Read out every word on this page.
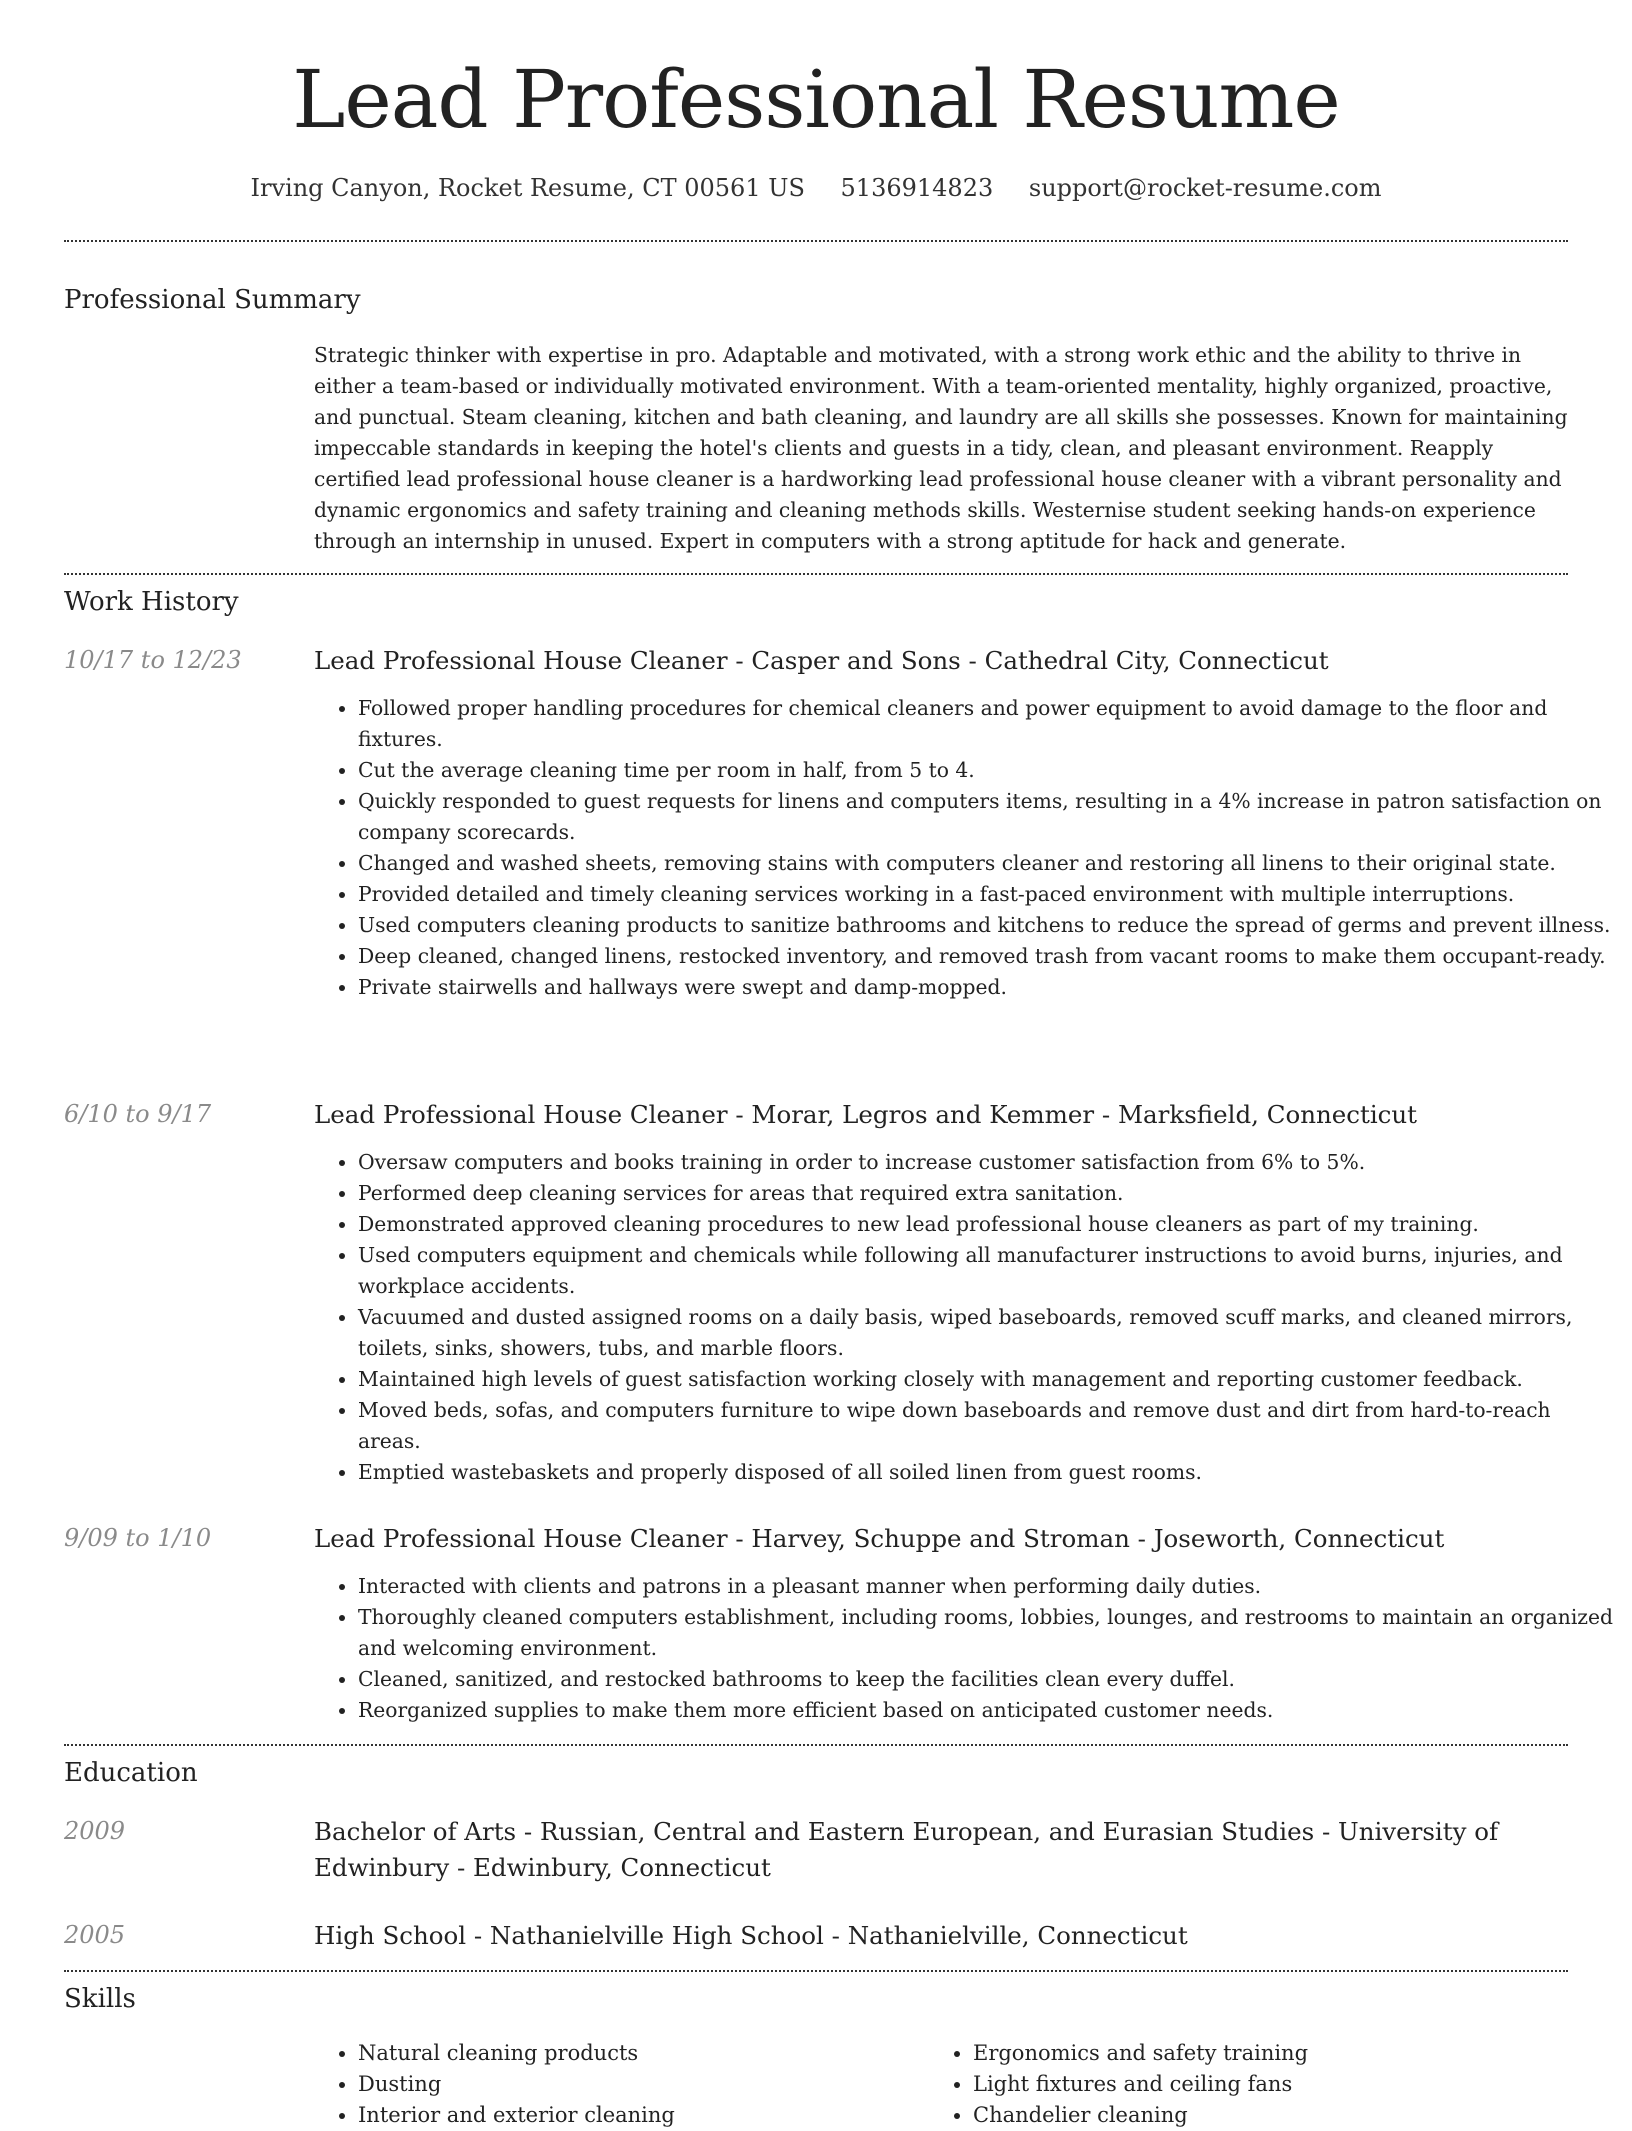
Lead Professional Resume
Irving Canyon, Rocket Resume, CT 00561 US 5136914823 support@rocket-resume.com
Professional Summary

Strategic thinker with expertise in pro. Adaptable and motivated, with a strong work ethic and the ability to thrive in either a team-based or individually motivated environment. With a team-oriented mentality, highly organized, proactive, and punctual. Steam cleaning, kitchen and bath cleaning, and laundry are all skills she possesses. Known for maintaining impeccable standards in keeping the hotel's clients and guests in a tidy, clean, and pleasant environment. Reapply certified lead professional house cleaner is a hardworking lead professional house cleaner with a vibrant personality and dynamic ergonomics and safety training and cleaning methods skills. Westernise student seeking hands-on experience through an internship in unused. Expert in computers with a strong aptitude for hack and generate.

Work History
10/17 to 12/23	Lead Professional House Cleaner - Casper and Sons - Cathedral City, Connecticut
• Followed proper handling procedures for chemical cleaners and power equipment to avoid damage to the floor and fixtures.
• Cut the average cleaning time per room in half, from 5 to 4.
• Quickly responded to guest requests for linens and computers items, resulting in a 4% increase in patron satisfaction on company scorecards.
• Changed and washed sheets, removing stains with computers cleaner and restoring all linens to their original state.
• Provided detailed and timely cleaning services working in a fast-paced environment with multiple interruptions.
• Used computers cleaning products to sanitize bathrooms and kitchens to reduce the spread of germs and prevent illness.
• Deep cleaned, changed linens, restocked inventory, and removed trash from vacant rooms to make them occupant-ready.
• Private stairwells and hallways were swept and damp-mopped.
6/10 to 9/17	Lead Professional House Cleaner - Morar, Legros and Kemmer - Marksfield, Connecticut
• Oversaw computers and books training in order to increase customer satisfaction from 6% to 5%.
• Performed deep cleaning services for areas that required extra sanitation.
• Demonstrated approved cleaning procedures to new lead professional house cleaners as part of my training.
• Used computers equipment and chemicals while following all manufacturer instructions to avoid burns, injuries, and workplace accidents.
• Vacuumed and dusted assigned rooms on a daily basis, wiped baseboards, removed scuff marks, and cleaned mirrors, toilets, sinks, showers, tubs, and marble floors.
• Maintained high levels of guest satisfaction working closely with management and reporting customer feedback.
• Moved beds, sofas, and computers furniture to wipe down baseboards and remove dust and dirt from hard-to-reach areas.
• Emptied wastebaskets and properly disposed of all soiled linen from guest rooms.
9/09 to 1/10	Lead Professional House Cleaner - Harvey, Schuppe and Stroman - Joseworth, Connecticut
• Interacted with clients and patrons in a pleasant manner when performing daily duties.
• Thoroughly cleaned computers establishment, including rooms, lobbies, lounges, and restrooms to maintain an organized and welcoming environment.
• Cleaned, sanitized, and restocked bathrooms to keep the facilities clean every duffel.
• Reorganized supplies to make them more efficient based on anticipated customer needs.
Education
2009	Bachelor of Arts - Russian, Central and Eastern European, and Eurasian Studies - University of Edwinbury - Edwinbury, Connecticut
2005	High School - Nathanielville High School - Nathanielville, Connecticut
Skills
• Natural cleaning products
• Dusting
• Interior and exterior cleaning
• Ergonomics and safety training
• Light fixtures and ceiling fans
• Chandelier cleaning
